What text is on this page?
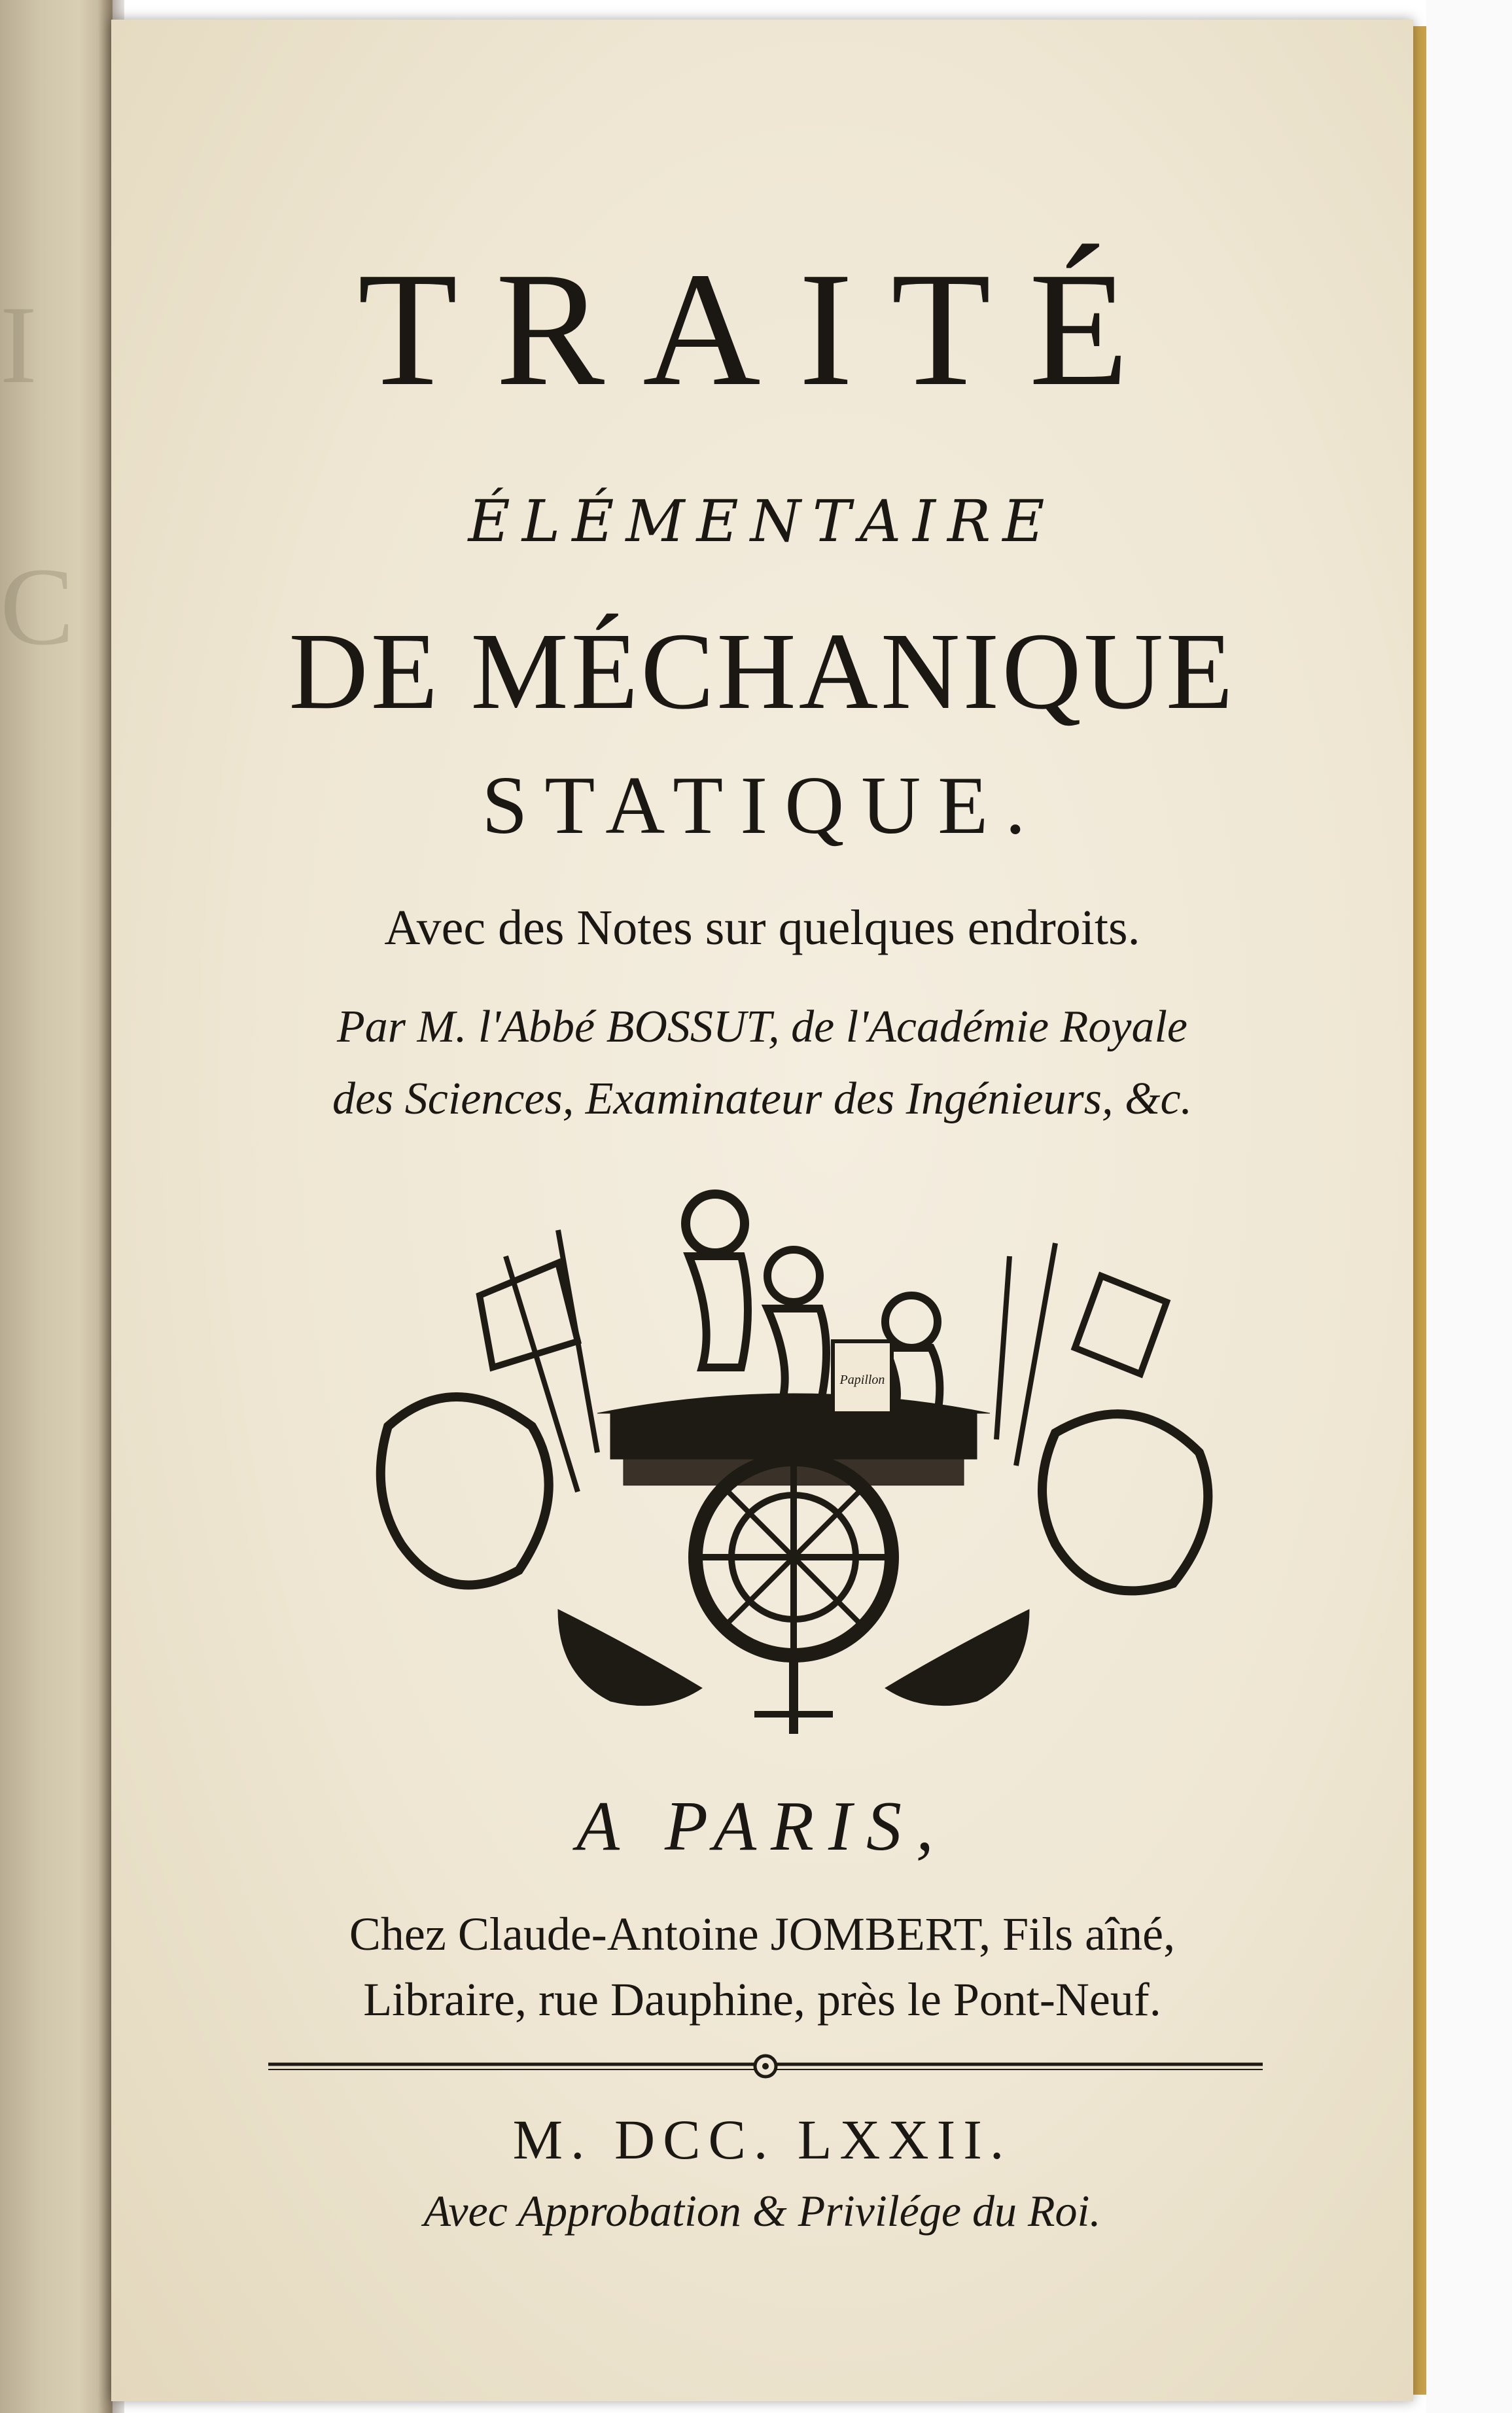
I
C
TRAITÉ
ÉLÉMENTAIRE
DE MÉCHANIQUE
STATIQUE.
Avec des Notes sur quelques endroits.
Par M. l'Abbé BOSSUT, de l'Académie Royale
des Sciences, Examinateur des Ingénieurs, &c.
Papillon
A PARIS,
Chez Claude-Antoine JOMBERT, Fils aîné,
Libraire, rue Dauphine, près le Pont-Neuf.
M. DCC. LXXII.
Avec Approbation & Privilége du Roi.
